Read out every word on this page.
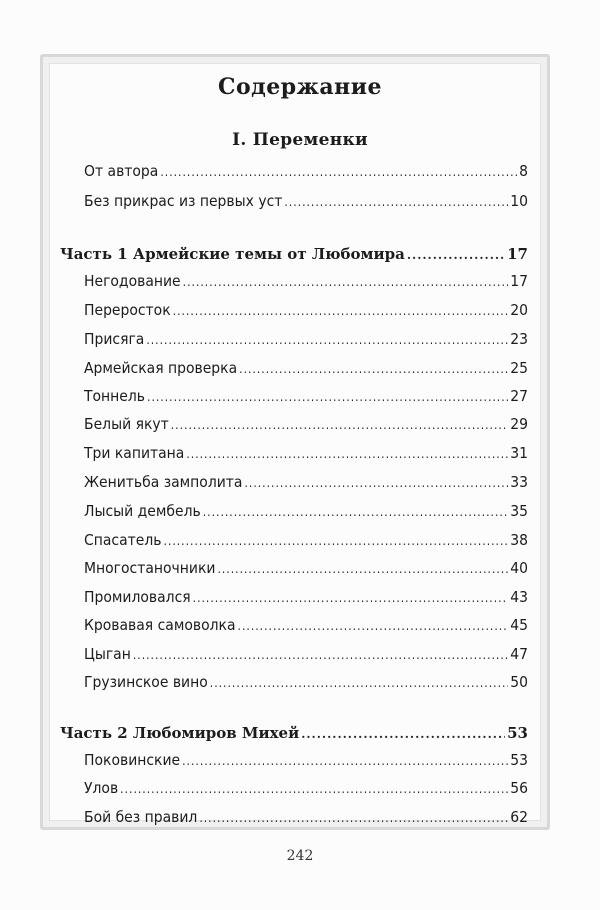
Содержание
I. Переменки
От автора .....	8
Без прикрас из первых уст .....	10
Часть 1 Армейские темы от Любомира .....	17
Негодование .....	17
Переросток .....	20
Присяга .....	23
Армейская проверка .....	25
Тоннель .....	27
Белый якут .....	29
Три капитана .....	31
Женитьба замполита .....	33
Лысый дембель .....	35
Спасатель .....	38
Многостаночники .....	40
Промиловался .....	43
Кровавая самоволка .....	45
Цыган .....	47
Грузинское вино .....	50
Часть 2 Любомиров Михей .....	53
Поковинские .....	53
Улов .....	56
Бой без правил .....	62
242
